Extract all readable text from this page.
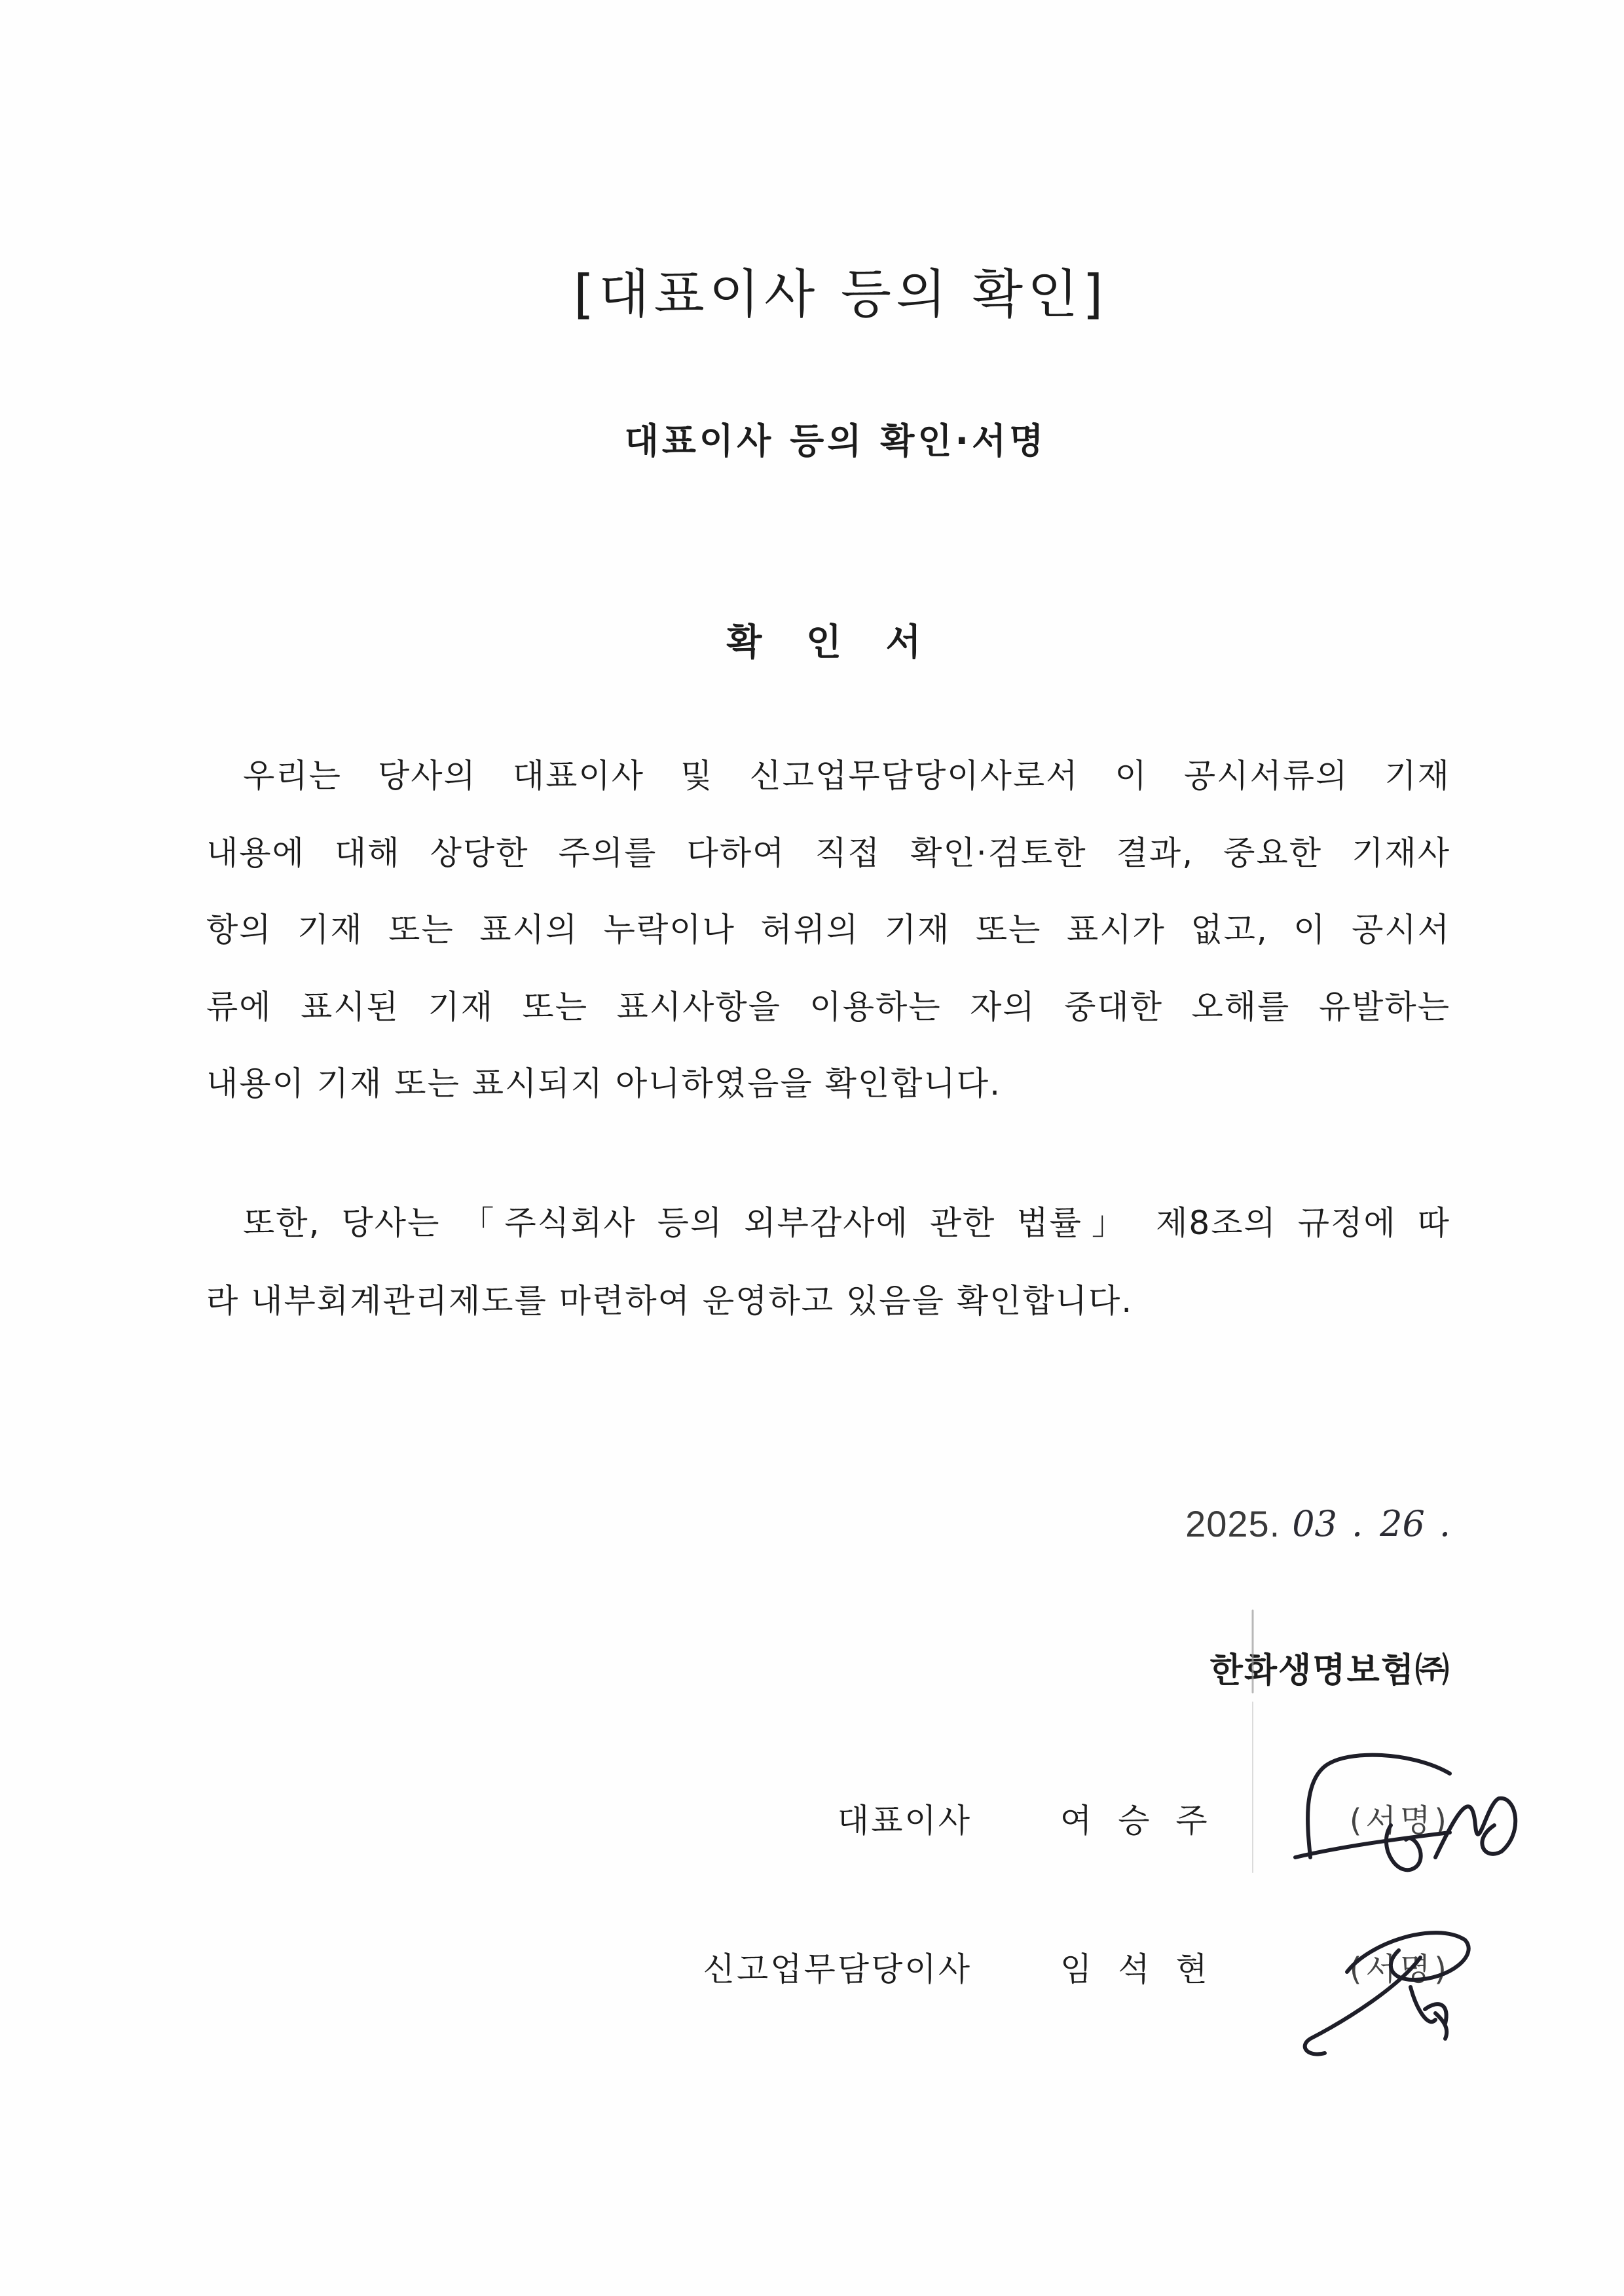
[대표이사 등의 확인]
대표이사 등의 확인·서명
확 인 서
우리는 당사의 대표이사 및 신고업무담당이사로서 이 공시서류의 기재
내용에 대해 상당한 주의를 다하여 직접 확인·검토한 결과, 중요한 기재사
항의 기재 또는 표시의 누락이나 허위의 기재 또는 표시가 없고, 이 공시서
류에 표시된 기재 또는 표시사항을 이용하는 자의 중대한 오해를 유발하는
내용이 기재 또는 표시되지 아니하였음을 확인합니다.
또한, 당사는 「주식회사 등의 외부감사에 관한 법률」 제8조의 규정에 따
라 내부회계관리제도를 마련하여 운영하고 있음을 확인합니다.
2025. 03 . 26 .
한화생명보험㈜
대표이사	여 승 주	(서명)
신고업무담당이사	임 석 현	(서명)
